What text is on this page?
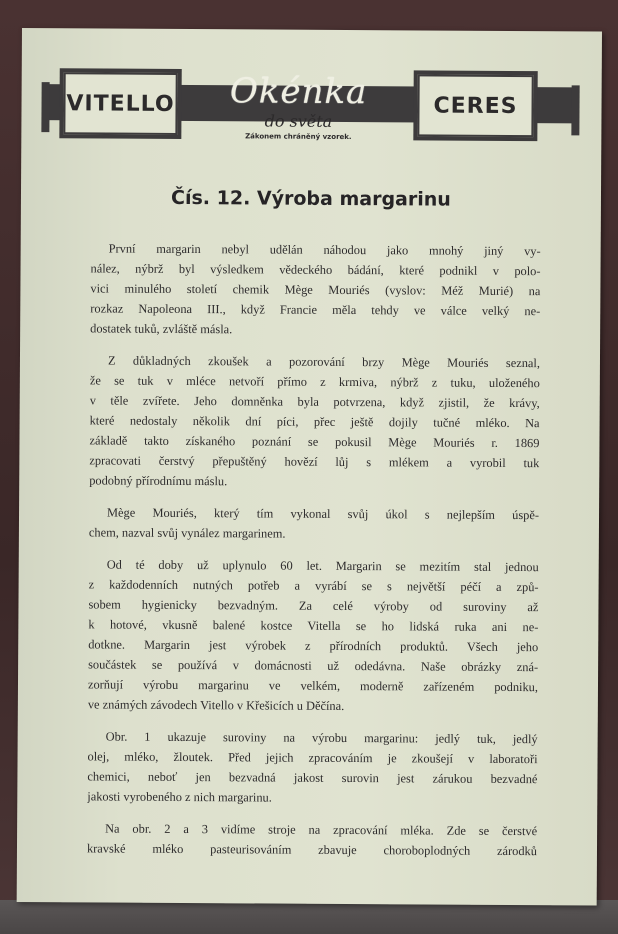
VITELLO	Okénka
do světa
Zákonem chráněný vzorek.
CERES
Čís. 12. Výroba margarinu
První margarin nebyl udělán náhodou jako mnohý jiný vy-
nález, nýbrž byl výsledkem vědeckého bádání, které podnikl v polo-
vici minulého století chemik Mège Mouriés (vyslov: Méž Murié) na
rozkaz Napoleona III., když Francie měla tehdy ve válce velký ne-
dostatek tuků, zvláště másla.
Z důkladných zkoušek a pozorování brzy Mège Mouriés seznal,
že se tuk v mléce netvoří přímo z krmiva, nýbrž z tuku, uloženého
v těle zvířete. Jeho domněnka byla potvrzena, když zjistil, že krávy,
které nedostaly několik dní píci, přec ještě dojily tučné mléko. Na
základě takto získaného poznání se pokusil Mège Mouriés r. 1869
zpracovati čerstvý přepuštěný hovězí lůj s mlékem a vyrobil tuk
podobný přírodnímu máslu.
Mège Mouriés, který tím vykonal svůj úkol s nejlepším úspě-
chem, nazval svůj vynález margarinem.
Od té doby už uplynulo 60 let. Margarin se mezitím stal jednou
z každodenních nutných potřeb a vyrábí se s největší péčí a způ-
sobem hygienicky bezvadným. Za celé výroby od suroviny až
k hotové, vkusně balené kostce Vitella se ho lidská ruka ani ne-
dotkne. Margarin jest výrobek z přírodních produktů. Všech jeho
součástek se používá v domácnosti už odedávna. Naše obrázky zná-
zorňují výrobu margarinu ve velkém, moderně zařízeném podniku,
ve známých závodech Vitello v Křešicích u Děčína.
Obr. 1 ukazuje suroviny na výrobu margarinu: jedlý tuk, jedlý
olej, mléko, žloutek. Před jejich zpracováním je zkoušejí v laboratoři
chemici, neboť jen bezvadná jakost surovin jest zárukou bezvadné
jakosti vyrobeného z nich margarinu.
Na obr. 2 a 3 vidíme stroje na zpracování mléka. Zde se čerstvé
kravské mléko pasteurisováním zbavuje choroboplodných zárodků
